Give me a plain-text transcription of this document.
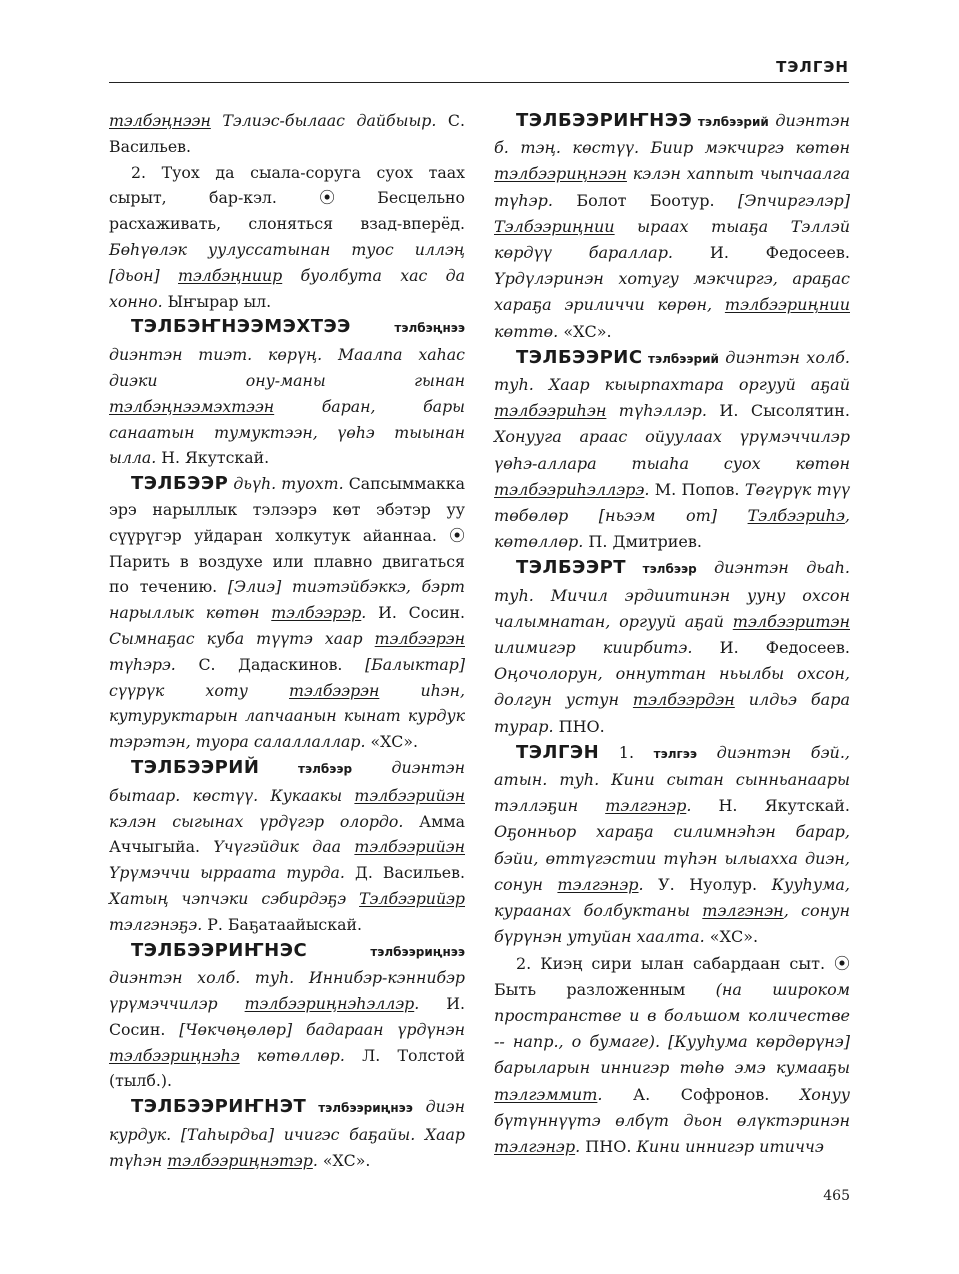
ТЭЛГЭН

тэлбэңнээн Тэлиэс-былаас дайбыыр. С. Васильев.

2. Туох да сыала-соруга суох таах сырыт, бар-кэл. ⦿ Бесцельно расхаживать, слоняться взад-вперёд. Бөһүөлэк уулуссатынан туос иллэң [дьон] тэлбэңниир буолбута хас да хонно. Ыҥырар ыл.

ТЭЛБЭҤНЭЭМЭХТЭЭ тэлбэңнээ диэнтэн тиэт. көрүң. Маалпа хаһас диэки ону-маны гынан тэлбэңнээмэхтээн баран, бары санаатын тумуктээн, үөһэ тыынан ылла. Н. Якутскай.

ТЭЛБЭЭР дьүһ. туохт. Сапсыммакка эрэ нарыллык тэлээрэ көт эбэтэр уу сүүрүгэр уйдаран холкутук айаннаа. ⦿ Парить в воздухе или плавно двигаться по течению. [Элиэ] тиэтэйбэккэ, бэрт нарыллык көтөн тэлбээрэр. И. Сосин. Сымнаҕас куба түүтэ хаар тэлбээрэн түһэрэ. С. Дадаскинов. [Балыктар] сүүрүк хоту тэлбээрэн иһэн, кутуруктарын лапчаанын кынат курдук тэрэтэн, туора салаллаллар. «ХС».

ТЭЛБЭЭРИЙ тэлбээр диэнтэн бытаар. көстүү. Кукаакы тэлбээрийэн кэлэн сыгынах үрдүгэр олордо. Амма Аччыгыйа. Үчүгэйдик даа тэлбээрийэн Үрүмэччи ырраата турда. Д. Васильев. Хатың чэпчэки сэбирдэҕэ Тэлбээрийэр тэлгэнэҕэ. Р. Баҕатаайыскай.

ТЭЛБЭЭРИҤНЭС тэлбээриңнээ диэнтэн холб. туһ. Иннибэр-кэннибэр үрүмэччилэр тэлбээриңнэһэллэр. И. Сосин. [Чөкчөңөлөр] бадараан үрдүнэн тэлбээриңнэһэ көтөллөр. Л. Толстой (тылб.).

ТЭЛБЭЭРИҤНЭТ тэлбээриңнээ диэн курдук. [Таһырдьа] ичигэс баҕайы. Хаар түһэн тэлбээриңнэтэр. «ХС».

ТЭЛБЭЭРИҤНЭЭ тэлбээрий диэнтэн б. тэң. көстүү. Биир мэкчиргэ көтөн тэлбээриңнээн кэлэн хаппыт чыпчаалга түһэр. Болот Боотур. [Эпчиргэлэр] Тэлбээриңнии ыраах тыаҕа Тэллэй көрдүү бараллар. И. Федосеев. Үрдүлэринэн хотугу мэкчиргэ, араҕас хараҕа эриличчи көрөн, тэлбээриңнии көттө. «ХС».

ТЭЛБЭЭРИС тэлбээрий диэнтэн холб. туһ. Хаар кыырпахтара оргууй аҕай тэлбээриһэн түһэллэр. И. Сысолятин. Хонууга араас ойуулаах үрүмэччилэр үөһэ-аллара тыаһа суох көтөн тэлбээриһэллэрэ. М. Попов. Төгүрүк түү төбөлөр [ньээм от] Тэлбээриһэ, көтөллөр. П. Дмитриев.

ТЭЛБЭЭРТ тэлбээр диэнтэн дьаһ. туһ. Мичил эрдиитинэн ууну охсон чалымнатан, оргууй аҕай тэлбээритэн илимигэр киирбитэ. И. Федосеев. Оңочолорун, оннуттан ньылбы охсон, долгун устун тэлбээрдэн илдьэ бара турар. ПНО.

ТЭЛГЭН 1. тэлгээ диэнтэн бэй., атын. туһ. Кини сытан сынньанаары тэллэҕин тэлгэнэр. Н. Якутскай. Оҕонньор хараҕа силимнэһэн барар, бэйи, өттүгэстии түһэн ылыахха диэн, сонун тэлгэнэр. У. Нуолур. Кууһума, кураанах болбуктаны тэлгэнэн, сонун бүрүнэн утуйан хаалта. «ХС».

2. Киэң сири ылан сабардаан сыт. ⦿ Быть разложенным (на широком пространстве и в большом количестве -- напр., о бумаге). [Кууһума көрдөрүнэ] барыларын иннигэр төһө эмэ кумааҕы тэлгэммит. А. Софронов. Хонуу бүтүннүүтэ өлбүт дьон өлүктэринэн тэлгэнэр. ПНО. Кини иннигэр итиччэ

465
